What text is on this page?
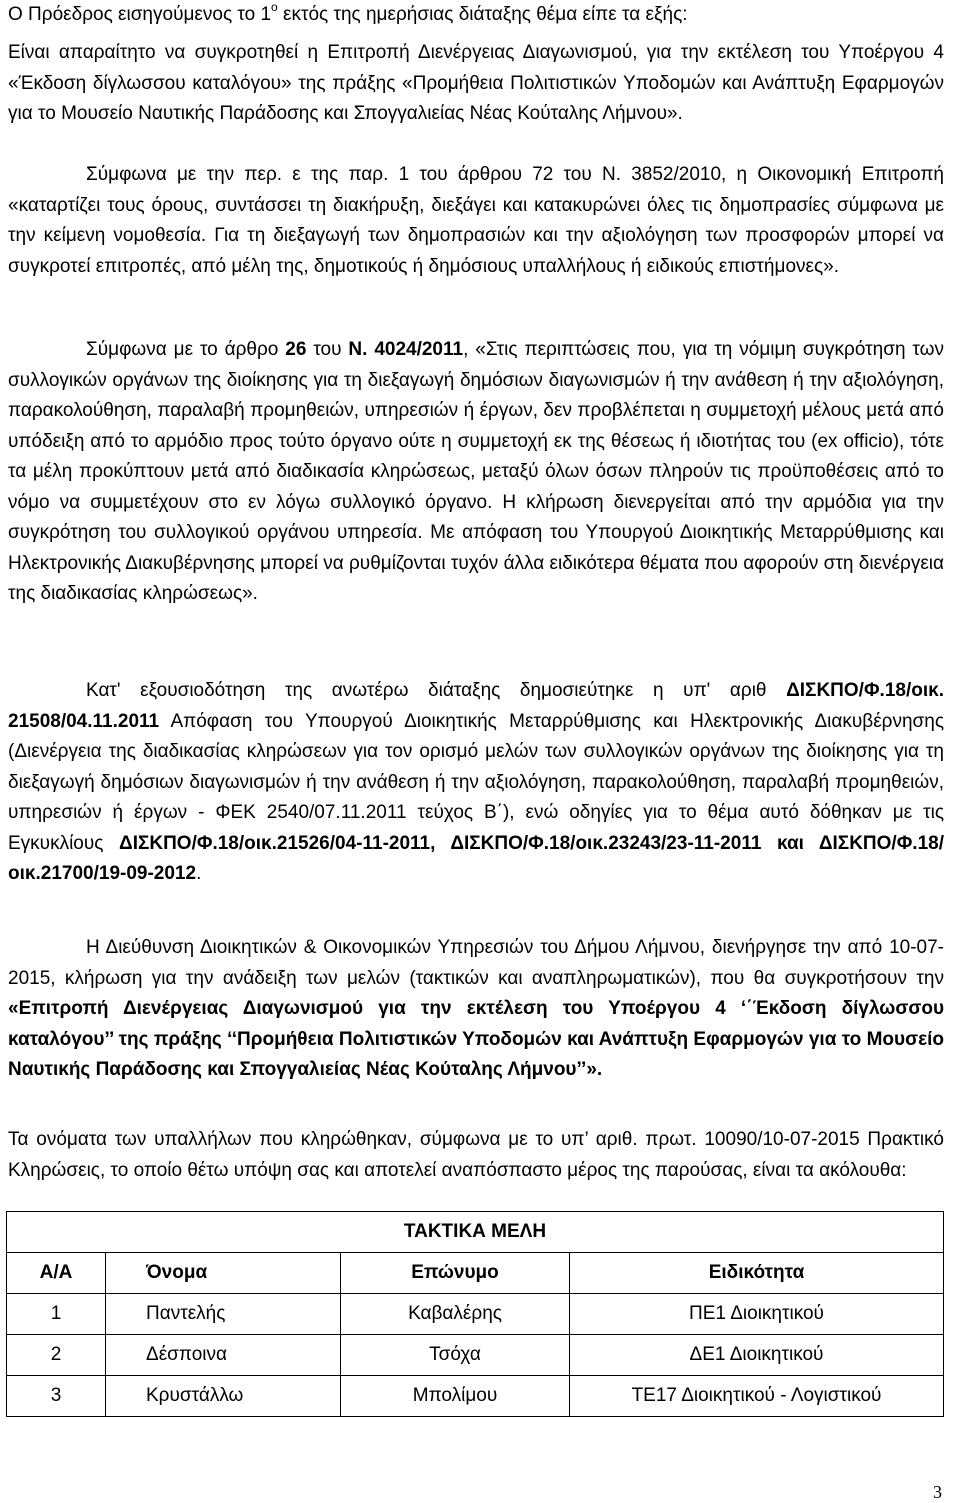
Ο Πρόεδρος εισηγούμενος το $1^o$ εκτός της ημερήσιας διάταξης θέμα είπε τα εξής:

Είναι απαραίτητο να συγκροτηθεί η Επιτροπή Διενέργειας Διαγωνισμού, για την εκτέλεση του Υποέργου 4 «Έκδοση δίγλωσσου καταλόγου» της πράξης «Προμήθεια Πολιτιστικών Υποδομών και Ανάπτυξη Εφαρμογών για το Μουσείο Ναυτικής Παράδοσης και Σπογγαλιείας Νέας Κούταλης Λήμνου».

Σύμφωνα με την περ. ε της παρ. 1 του άρθρου 72 του Ν. 3852/2010, η Οικονομική Επιτροπή «καταρτίζει τους όρους, συντάσσει τη διακήρυξη, διεξάγει και κατακυρώνει όλες τις δημοπρασίες σύμφωνα με την κείμενη νομοθεσία. Για τη διεξαγωγή των δημοπρασιών και την αξιολόγηση των προσφορών μπορεί να συγκροτεί επιτροπές, από μέλη της, δημοτικούς ή δημόσιους υπαλλήλους ή ειδικούς επιστήμονες».

Σύμφωνα με το άρθρο 26 του Ν. 4024/2011, «Στις περιπτώσεις που, για τη νόμιμη συγκρότηση των συλλογικών οργάνων της διοίκησης για τη διεξαγωγή δημόσιων διαγωνισμών ή την ανάθεση ή την αξιολόγηση, παρακολούθηση, παραλαβή προμηθειών, υπηρεσιών ή έργων, δεν προβλέπεται η συμμετοχή μέλους μετά από υπόδειξη από το αρμόδιο προς τούτο όργανο ούτε η συμμετοχή εκ της θέσεως ή ιδιοτήτας του (ex officio), τότε τα μέλη προκύπτουν μετά από διαδικασία κληρώσεως, μεταξύ όλων όσων πληρούν τις προϋποθέσεις από το νόμο να συμμετέχουν στο εν λόγω συλλογικό όργανο. Η κλήρωση διενεργείται από την αρμόδια για την συγκρότηση του συλλογικού οργάνου υπηρεσία. Με απόφαση του Υπουργού Διοικητικής Μεταρρύθμισης και Ηλεκτρονικής Διακυβέρνησης μπορεί να ρυθμίζονται τυχόν άλλα ειδικότερα θέματα που αφορούν στη διενέργεια της διαδικασίας κληρώσεως».

Κατ' εξουσιοδότηση της ανωτέρω διάταξης δημοσιεύτηκε η υπ' αριθ ΔΙΣΚΠΟ/Φ.18/οικ. 21508/04.11.2011 Απόφαση του Υπουργού Διοικητικής Μεταρρύθμισης και Ηλεκτρονικής Διακυβέρνησης (Διενέργεια της διαδικασίας κληρώσεων για τον ορισμό μελών των συλλογικών οργάνων της διοίκησης για τη διεξαγωγή δημόσιων διαγωνισμών ή την ανάθεση ή την αξιολόγηση, παρακολούθηση, παραλαβή προμηθειών, υπηρεσιών ή έργων - ΦΕΚ 2540/07.11.2011 τεύχος Β΄), ενώ οδηγίες για το θέμα αυτό δόθηκαν με τις Εγκυκλίους ΔΙΣΚΠΟ/Φ.18/οικ.21526/04-11-2011, ΔΙΣΚΠΟ/Φ.18/οικ.23243/23-11-2011 και ΔΙΣΚΠΟ/Φ.18/οικ.21700/19-09-2012.

Η Διεύθυνση Διοικητικών & Οικονομικών Υπηρεσιών του Δήμου Λήμνου, διενήργησε την από 10-07-2015, κλήρωση για την ανάδειξη των μελών (τακτικών και αναπληρωματικών), που θα συγκροτήσουν την «Επιτροπή Διενέργειας Διαγωνισμού για την εκτέλεση του Υποέργου 4 ‘΄Έκδοση δίγλωσσου καταλόγου’’ της πράξης ‘‘Προμήθεια Πολιτιστικών Υποδομών και Ανάπτυξη Εφαρμογών για το Μουσείο Ναυτικής Παράδοσης και Σπογγαλιείας Νέας Κούταλης Λήμνου’’».

Τα ονόματα των υπαλλήλων που κληρώθηκαν, σύμφωνα με το υπ’ αριθ. πρωτ. 10090/10-07-2015 Πρακτικό Κληρώσεις, το οποίο θέτω υπόψη σας και αποτελεί αναπόσπαστο μέρος της παρούσας, είναι τα ακόλουθα:

ΤΑΚΤΙΚΑ ΜΕΛΗ			
Α/Α	Όνομα	Επώνυμο	Ειδικότητα
1	Παντελής	Καβαλέρης	ΠΕ1 Διοικητικού
2	Δέσποινα	Τσόχα	ΔΕ1 Διοικητικού
3	Κρυστάλλω	Μπολίμου	ΤΕ17 Διοικητικού - Λογιστικού
3
